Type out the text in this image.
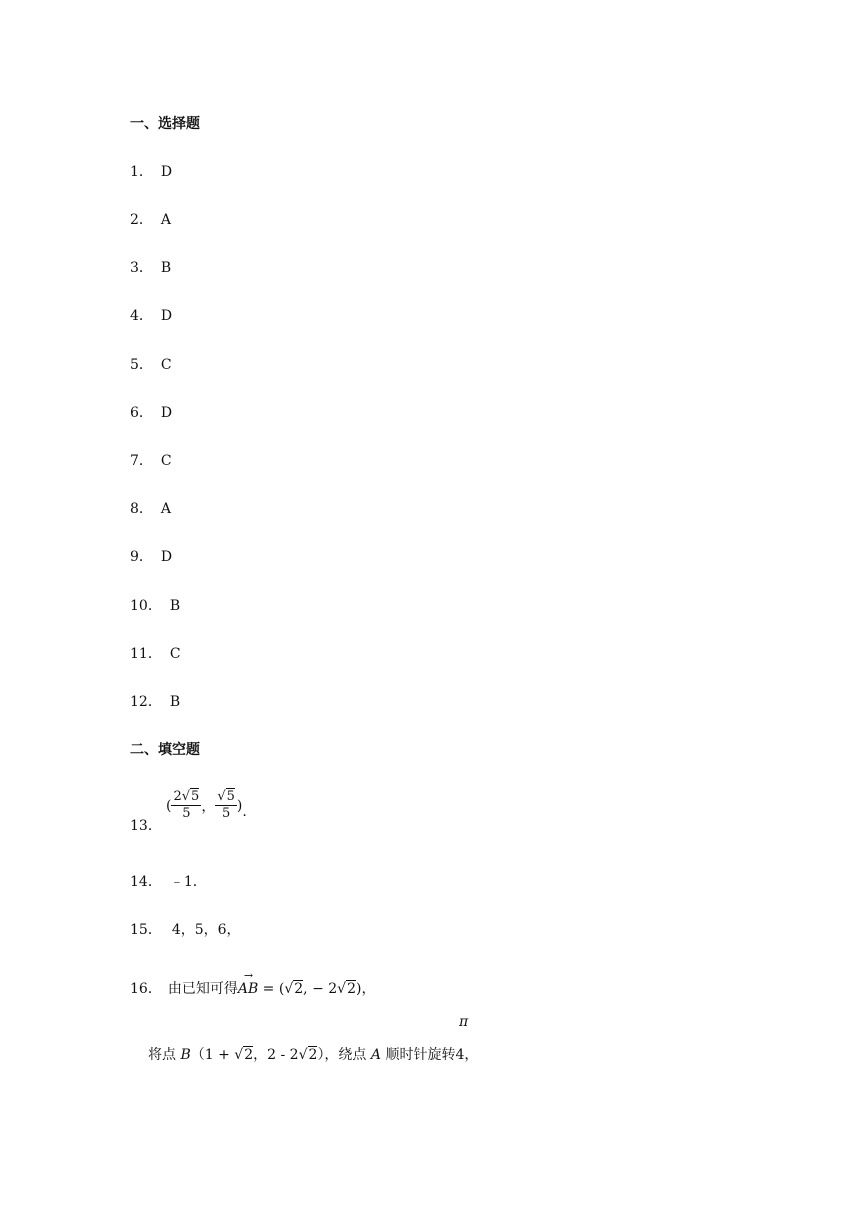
一、选择题
1． D
2． A
3． B
4． D
5． C
6． D
7． C
8． A
9． D
10． B
11． C
12． B
二、填空题
13．
( $\frac{2√5}{5}$ ， $\frac{√5}{5}$ ) .
14． ﹣1．
15． 4，5，6，
16． 由已知可得
→
AB = (√2, − 2√2)，
将点 B（1 + √2，2 - 2√2），绕点 A 顺时针旋转4，
π
